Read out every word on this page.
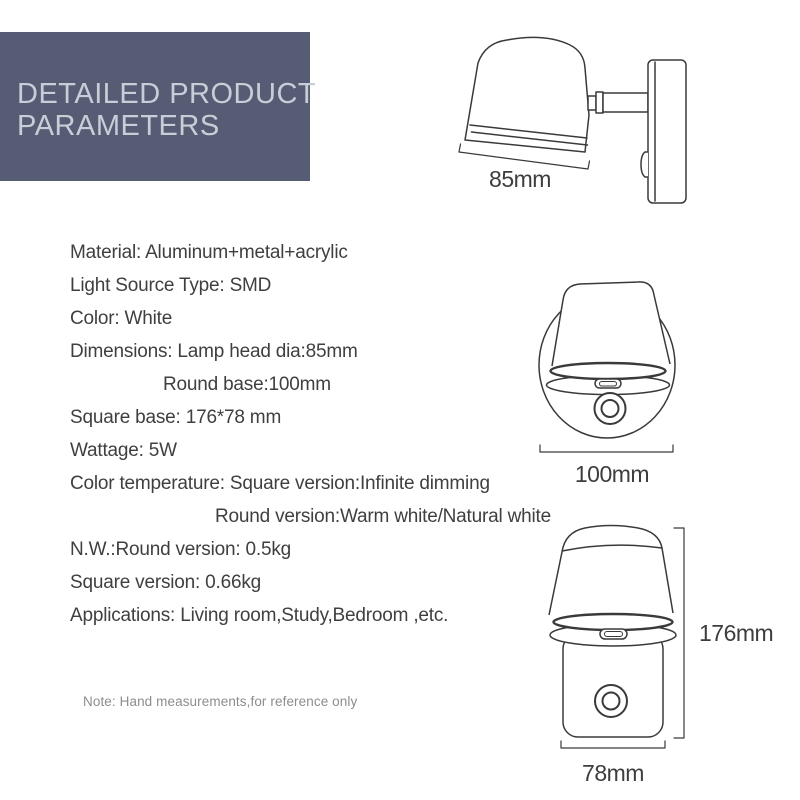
DETAILED PRODUCT
PARAMETERS
Material: Aluminum+metal+acrylic
Light Source Type: SMD
Color: White
Dimensions: Lamp head dia:85mm
Round base:100mm
Square base: 176*78 mm
Wattage: 5W
Color temperature: Square version:Infinite dimming
Round version:Warm white/Natural white
N.W.:Round version: 0.5kg
Square version: 0.66kg
Applications: Living room,Study,Bedroom ,etc.
Note: Hand measurements,for reference only
85mm
100mm
176mm
78mm
